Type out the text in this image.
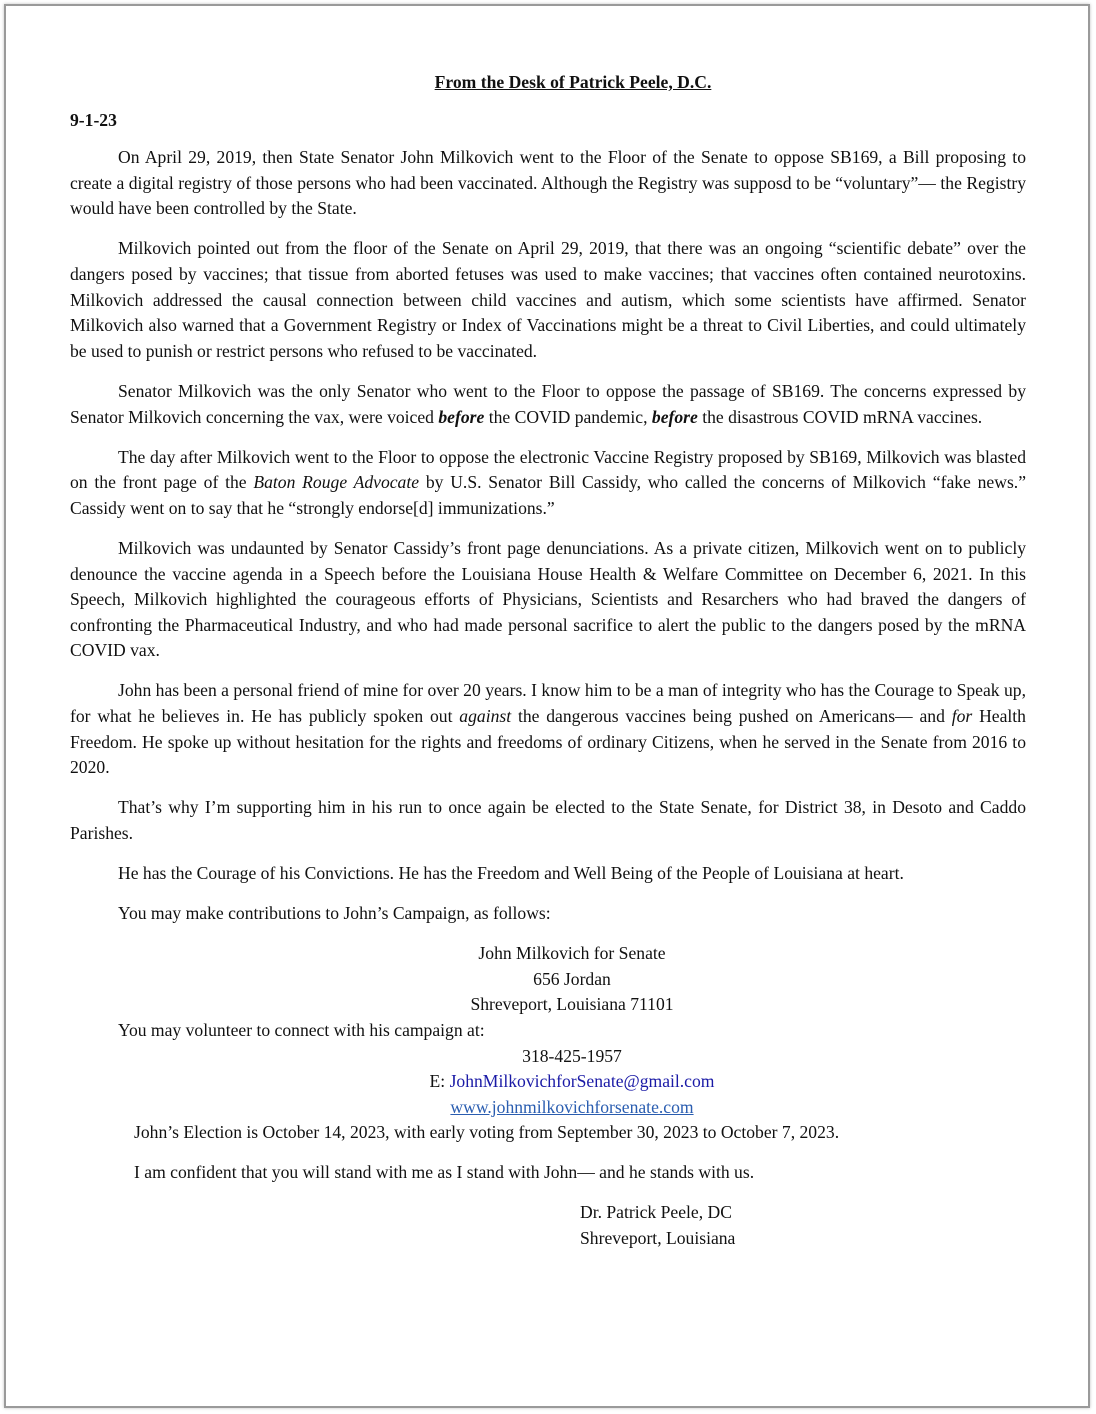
From the Desk of Patrick Peele, D.C.
9-1-23

On April 29, 2019, then State Senator John Milkovich went to the Floor of the Senate to oppose SB169, a Bill proposing to create a digital registry of those persons who had been vaccinated. Although the Registry was supposd to be “voluntary”— the Registry would have been controlled by the State.

Milkovich pointed out from the floor of the Senate on April 29, 2019, that there was an ongoing “scientific debate” over the dangers posed by vaccines; that tissue from aborted fetuses was used to make vaccines; that vaccines often contained neurotoxins. Milkovich addressed the causal connection between child vaccines and autism, which some scientists have affirmed. Senator Milkovich also warned that a Government Registry or Index of Vaccinations might be a threat to Civil Liberties, and could ultimately be used to punish or restrict persons who refused to be vaccinated.

Senator Milkovich was the only Senator who went to the Floor to oppose the passage of SB169. The concerns expressed by Senator Milkovich concerning the vax, were voiced before the COVID pandemic, before the disastrous COVID mRNA vaccines.

The day after Milkovich went to the Floor to oppose the electronic Vaccine Registry proposed by SB169, Milkovich was blasted on the front page of the Baton Rouge Advocate by U.S. Senator Bill Cassidy, who called the concerns of Milkovich “fake news.” Cassidy went on to say that he “strongly endorse[d] immunizations.”

Milkovich was undaunted by Senator Cassidy’s front page denunciations. As a private citizen, Milkovich went on to publicly denounce the vaccine agenda in a Speech before the Louisiana House Health & Welfare Committee on December 6, 2021. In this Speech, Milkovich highlighted the courageous efforts of Physicians, Scientists and Resarchers who had braved the dangers of confronting the Pharmaceutical Industry, and who had made personal sacrifice to alert the public to the dangers posed by the mRNA COVID vax.

John has been a personal friend of mine for over 20 years. I know him to be a man of integrity who has the Courage to Speak up, for what he believes in. He has publicly spoken out against the dangerous vaccines being pushed on Americans— and for Health Freedom. He spoke up without hesitation for the rights and freedoms of ordinary Citizens, when he served in the Senate from 2016 to 2020.

That’s why I’m supporting him in his run to once again be elected to the State Senate, for District 38, in Desoto and Caddo Parishes.

He has the Courage of his Convictions. He has the Freedom and Well Being of the People of Louisiana at heart.

You may make contributions to John’s Campaign, as follows:

John Milkovich for Senate
656 Jordan
Shreveport, Louisiana 71101
You may volunteer to connect with his campaign at:
318-425-1957
E: JohnMilkovichforSenate@gmail.com
www.johnmilkovichforsenate.com
John’s Election is October 14, 2023, with early voting from September 30, 2023 to October 7, 2023.
I am confident that you will stand with me as I stand with John— and he stands with us.
Dr. Patrick Peele, DC
Shreveport, Louisiana
